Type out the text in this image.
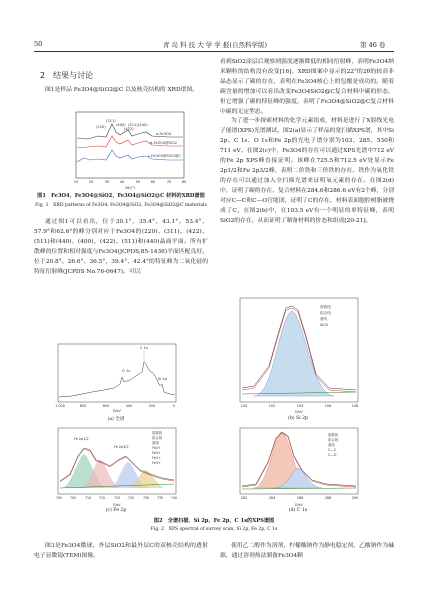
50	青 岛 科 技 大 学 学 报(自然科学版)	第 46 卷
2　结果与讨论

图1是样品 Fe3O4@SiO2@C 以及核壳结构的 XRD谱图。

(220)
(311)
(400)
(422)
(511) (440)
a-Fe3O4
b-Fe3O4@SiO2
c-Fe3O4@SiO2@C
10	20	30	40	50	60	70	80
2θ/(°)
图1　Fe3O4、Fe3O4@SiO2、Fe3O4@SiO2@C 材料的XRD谱图
Fig. 1　XRD patterns of Fe3O4, Fe3O4@SiO2, Fe3O4@SiO2@C materials

通过图1可以看出，位于30.1°、35.4°、43.1°、53.4°、57.9°和62.6°的峰分别对应于Fe3O4的(220)、(311)、(422)、(511)和(440)、(400)、(422)、(511)和(440)晶面平面。所有扩散峰的位置和相对强度与Fe3O4(JCPDS,85-1436)平面匹配良好。位于20.8°、26.6°、36.5°、39.4°、42.4°的特征峰为二氧化硅的特征衍射峰(JCPDS No.76-0647)。可以

看到SiO2涂层后观察到强度逐渐降低的相同衍射峰，表明Fe3O4纳米颗粒的结构没有改变[16]。XRD图案中显示的22°的2θ的较高非晶态显示了碳的存在，表明在Fe3O4核心上的包覆是成功的。随着碳含量的增加可以看出改变Fe3O4SiO2@C复合材料中碳的形态，但它增强了碳的特征峰的强度，表明了Fe3O4@SiO2@C复合材料中碳的无定型态。

为了进一步探索材料的化学元素组成，材料是进行了X射线光电子能谱(XPS)光谱测试。图2(a)显示了样品的宽扫描XPS谱，其中Si 2p、C 1s、O 1s和Fe 2p的光电子谱分别为103、285、530和711 eV。在图2(c)中，Fe3O4的存在可以通过XPS光谱中712 eV的Fe 2p XPS峰直接证明。该峰在725.5和712.5 eV处显示Fe 2p1/2和Fe 2p3/2峰，表明二价铁和三价铁的存在。铁作为氧化铁的存在可以通过加入全扫描光谱来证明氧元素的存在。在图2(d)中，证明了碳的存在，复合材料在284.6和286.6 eV有2个峰，分别对应C—C和C—O官能团，证明了C的存在，材料表面胞腔树脂被烧成了C，在图2(b)中，在103.5 eV有一个明显的单特征峰，表明SiO2的存在，从而证明了制备材料的价态和组成[20-21]。

C 1s
O 1s
Si 2p
1 000	800	600	400	200	0
E/eV
(a) 全谱
原数线
拟合线
基线
SiO2
100	102	104	106	108
E/eV
(b) Si 2p
Fe 2p1/2
Fe 2p3/2
原数线
拟合线
基线
Fe2+
Fe3+
Fe2+
Fe3+
700 705	710 715	720 725	730 735 740
E/eV
(c) Fe 2p
原数线
拟合线
基线
C—C
C—O
282	284	286	288	290
E/eV
(d) C 1s
图2　全谱扫描、Si 2p、Fe 2p、C 1s的XPS谱图
Fig. 2　XPS spectral of survey scan, Si 2p, Fe 2p, C 1s

图3是Fe3O4微球、外层SiO2和最外层C的双核壳结构的透射电子显微镜(TEM)图像。

使用乙二醇作为溶剂，柠檬酸钠作为静电稳定剂，乙酸钠作为碱源，通过溶剂热法制备Fe3O4颗
